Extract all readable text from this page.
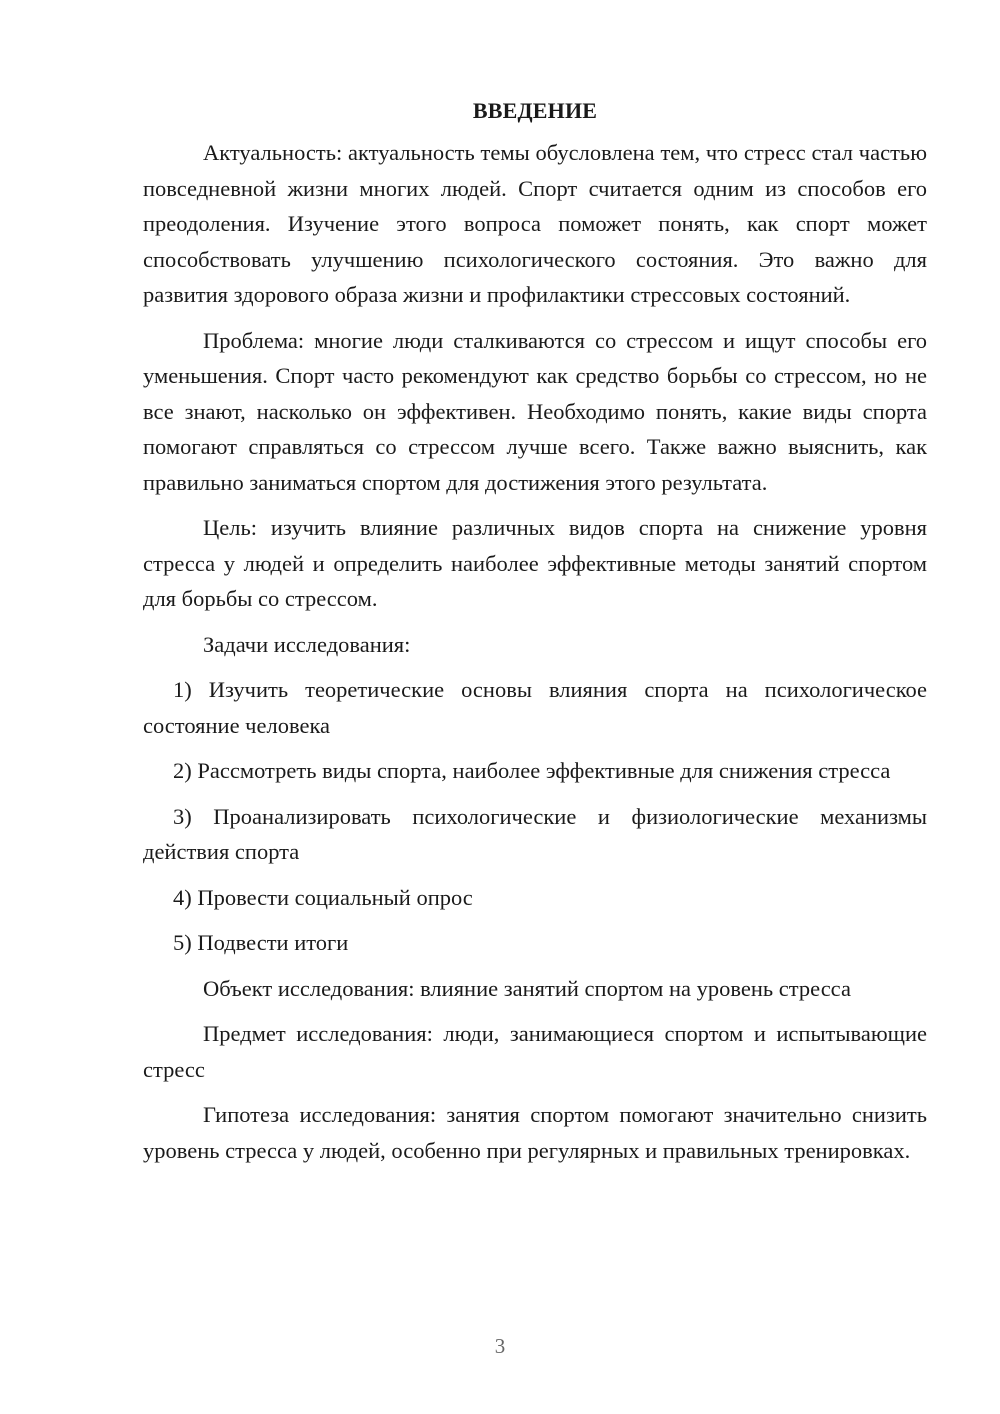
ВВЕДЕНИЕ

Актуальность: актуальность темы обусловлена тем, что стресс стал частью повседневной жизни многих людей. Спорт считается одним из способов его преодоления. Изучение этого вопроса поможет понять, как спорт может способствовать улучшению психологического состояния. Это важно для развития здорового образа жизни и профилактики стрессовых состояний.

Проблема: многие люди сталкиваются со стрессом и ищут способы его уменьшения. Спорт часто рекомендуют как средство борьбы со стрессом, но не все знают, насколько он эффективен. Необходимо понять, какие виды спорта помогают справляться со стрессом лучше всего. Также важно выяснить, как правильно заниматься спортом для достижения этого результата.

Цель: изучить влияние различных видов спорта на снижение уровня стресса у людей и определить наиболее эффективные методы занятий спортом для борьбы со стрессом.

Задачи исследования:

1) Изучить теоретические основы влияния спорта на психологическое состояние человека

2) Рассмотреть виды спорта, наиболее эффективные для снижения стресса

3) Проанализировать психологические и физиологические механизмы действия спорта

4) Провести социальный опрос

5) Подвести итоги

Объект исследования: влияние занятий спортом на уровень стресса

Предмет исследования: люди, занимающиеся спортом и испытывающие стресс

Гипотеза исследования: занятия спортом помогают значительно снизить уровень стресса у людей, особенно при регулярных и правильных тренировках.

3
